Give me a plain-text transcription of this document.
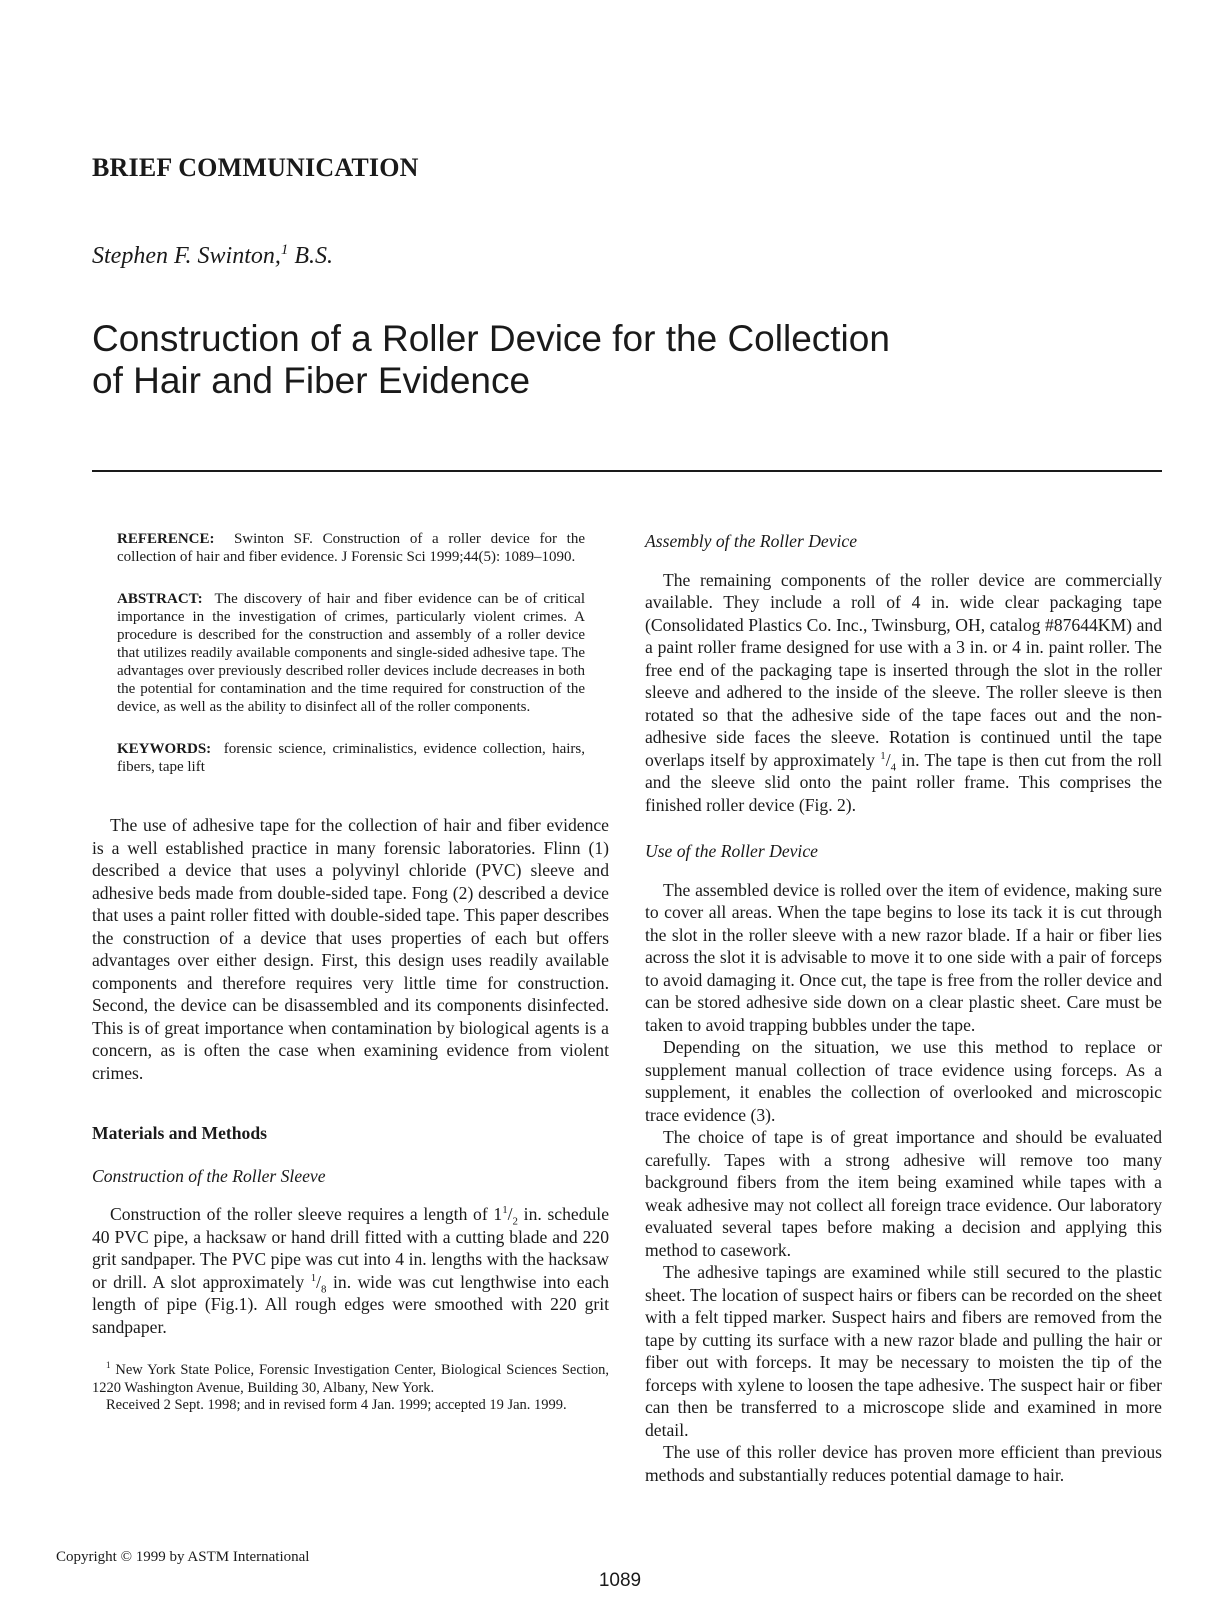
BRIEF COMMUNICATION
Stephen F. Swinton,$^1$ B.S.
Construction of a Roller Device for the Collection
of Hair and Fiber Evidence

REFERENCE: Swinton SF. Construction of a roller device for the collection of hair and fiber evidence. J Forensic Sci 1999;44(5): 1089–1090.

ABSTRACT: The discovery of hair and fiber evidence can be of critical importance in the investigation of crimes, particularly violent crimes. A procedure is described for the construction and assembly of a roller device that utilizes readily available components and single-sided adhesive tape. The advantages over previously described roller devices include decreases in both the potential for contamination and the time required for construction of the device, as well as the ability to disinfect all of the roller components.

KEYWORDS: forensic science, criminalistics, evidence collection, hairs, fibers, tape lift

The use of adhesive tape for the collection of hair and fiber evidence is a well established practice in many forensic laboratories. Flinn (1) described a device that uses a polyvinyl chloride (PVC) sleeve and adhesive beds made from double-sided tape. Fong (2) described a device that uses a paint roller fitted with double-sided tape. This paper describes the construction of a device that uses properties of each but offers advantages over either design. First, this design uses readily available components and therefore requires very little time for construction. Second, the device can be disassembled and its components disinfected. This is of great importance when contamination by biological agents is a concern, as is often the case when examining evidence from violent crimes.

Materials and Methods
Construction of the Roller Sleeve

Construction of the roller sleeve requires a length of $1^1/_2$ in. schedule 40 PVC pipe, a hacksaw or hand drill fitted with a cutting blade and 220 grit sandpaper. The PVC pipe was cut into 4 in. lengths with the hacksaw or drill. A slot approximately $^1/_8$ in. wide was cut lengthwise into each length of pipe (Fig.1). All rough edges were smoothed with 220 grit sandpaper.

$^1$ New York State Police, Forensic Investigation Center, Biological Sciences Section, 1220 Washington Avenue, Building 30, Albany, New York.

Received 2 Sept. 1998; and in revised form 4 Jan. 1999; accepted 19 Jan. 1999.

Assembly of the Roller Device

The remaining components of the roller device are commercially available. They include a roll of 4 in. wide clear packaging tape (Consolidated Plastics Co. Inc., Twinsburg, OH, catalog #87644KM) and a paint roller frame designed for use with a 3 in. or 4 in. paint roller. The free end of the packaging tape is inserted through the slot in the roller sleeve and adhered to the inside of the sleeve. The roller sleeve is then rotated so that the adhesive side of the tape faces out and the non-adhesive side faces the sleeve. Rotation is continued until the tape overlaps itself by approximately $^1/_4$ in. The tape is then cut from the roll and the sleeve slid onto the paint roller frame. This comprises the finished roller device (Fig. 2).

Use of the Roller Device

The assembled device is rolled over the item of evidence, making sure to cover all areas. When the tape begins to lose its tack it is cut through the slot in the roller sleeve with a new razor blade. If a hair or fiber lies across the slot it is advisable to move it to one side with a pair of forceps to avoid damaging it. Once cut, the tape is free from the roller device and can be stored adhesive side down on a clear plastic sheet. Care must be taken to avoid trapping bubbles under the tape.

Depending on the situation, we use this method to replace or supplement manual collection of trace evidence using forceps. As a supplement, it enables the collection of overlooked and microscopic trace evidence (3).

The choice of tape is of great importance and should be evaluated carefully. Tapes with a strong adhesive will remove too many background fibers from the item being examined while tapes with a weak adhesive may not collect all foreign trace evidence. Our laboratory evaluated several tapes before making a decision and applying this method to casework.

The adhesive tapings are examined while still secured to the plastic sheet. The location of suspect hairs or fibers can be recorded on the sheet with a felt tipped marker. Suspect hairs and fibers are removed from the tape by cutting its surface with a new razor blade and pulling the hair or fiber out with forceps. It may be necessary to moisten the tip of the forceps with xylene to loosen the tape adhesive. The suspect hair or fiber can then be transferred to a microscope slide and examined in more detail.

The use of this roller device has proven more efficient than previous methods and substantially reduces potential damage to hair.

Copyright © 1999 by ASTM International
1089
